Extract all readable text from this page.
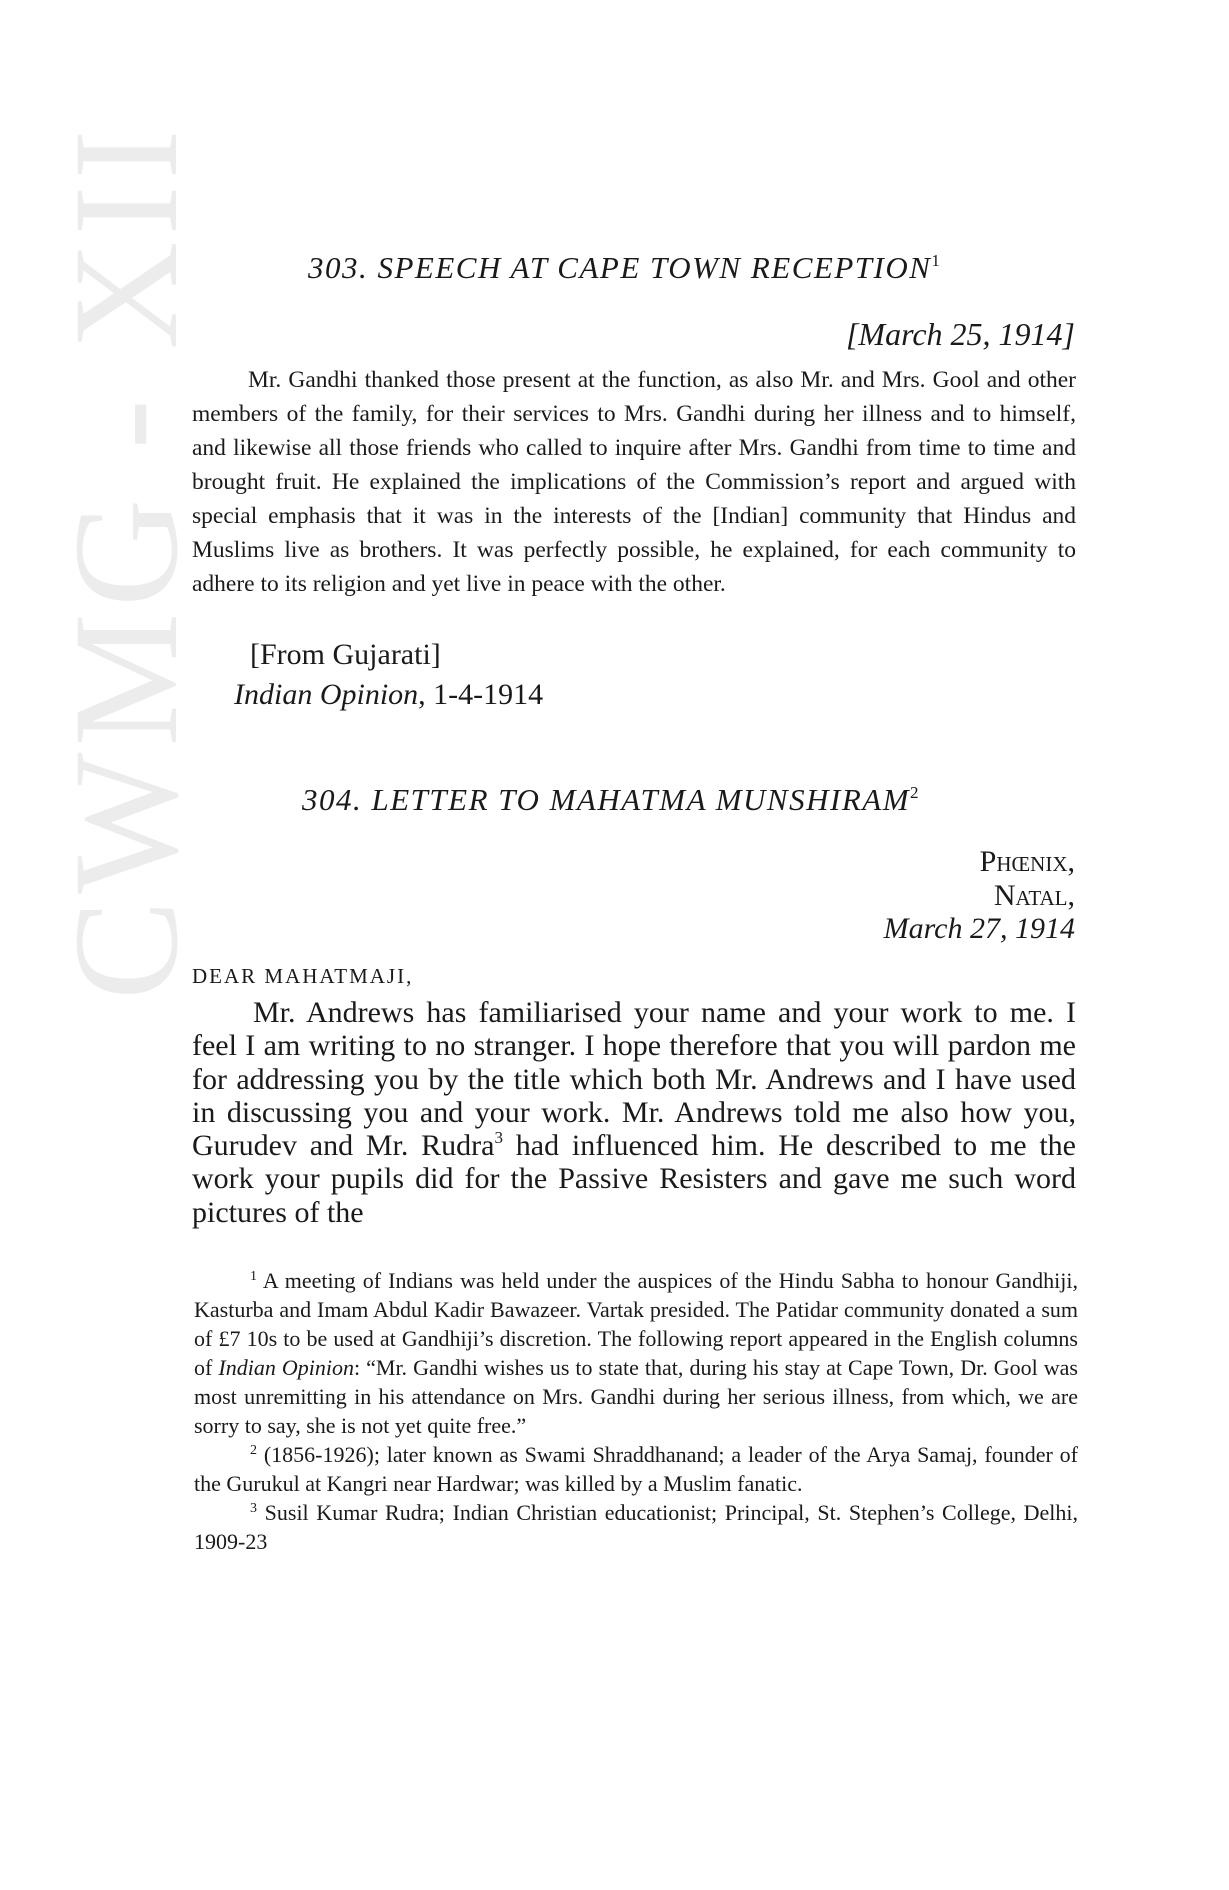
CWMG - XII	303. SPEECH AT CAPE TOWN RECEPTION$^1$
[March 25, 1914]

Mr. Gandhi thanked those present at the function, as also Mr. and Mrs. Gool and other members of the family, for their services to Mrs. Gandhi during her illness and to himself, and likewise all those friends who called to inquire after Mrs. Gandhi from time to time and brought fruit. He explained the implications of the Commission’s report and argued with special emphasis that it was in the interests of the [Indian] community that Hindus and Muslims live as brothers. It was perfectly possible, he explained, for each community to adhere to its religion and yet live in peace with the other.

[From Gujarati]
Indian Opinion, 1-4-1914
304. LETTER TO MAHATMA MUNSHIRAM$^2$
Phœnix,
Natal,
March 27, 1914
DEAR MAHATMAJI,

Mr. Andrews has familiarised your name and your work to me. I feel I am writing to no stranger. I hope therefore that you will pardon me for addressing you by the title which both Mr. Andrews and I have used in discussing you and your work. Mr. Andrews told me also how you, Gurudev and Mr. Rudra$^3$ had influenced him. He described to me the work your pupils did for the Passive Resisters and gave me such word pictures of the

$^1$ A meeting of Indians was held under the auspices of the Hindu Sabha to honour Gandhiji, Kasturba and Imam Abdul Kadir Bawazeer. Vartak presided. The Patidar community donated a sum of £7 10s to be used at Gandhiji’s discretion. The following report appeared in the English columns of Indian Opinion: “Mr. Gandhi wishes us to state that, during his stay at Cape Town, Dr. Gool was most unremitting in his attendance on Mrs. Gandhi during her serious illness, from which, we are sorry to say, she is not yet quite free.”

$^2$ (1856-1926); later known as Swami Shraddhanand; a leader of the Arya Samaj, founder of the Gurukul at Kangri near Hardwar; was killed by a Muslim fanatic.

$^3$ Susil Kumar Rudra; Indian Christian educationist; Principal, St. Stephen’s College, Delhi, 1909-23
